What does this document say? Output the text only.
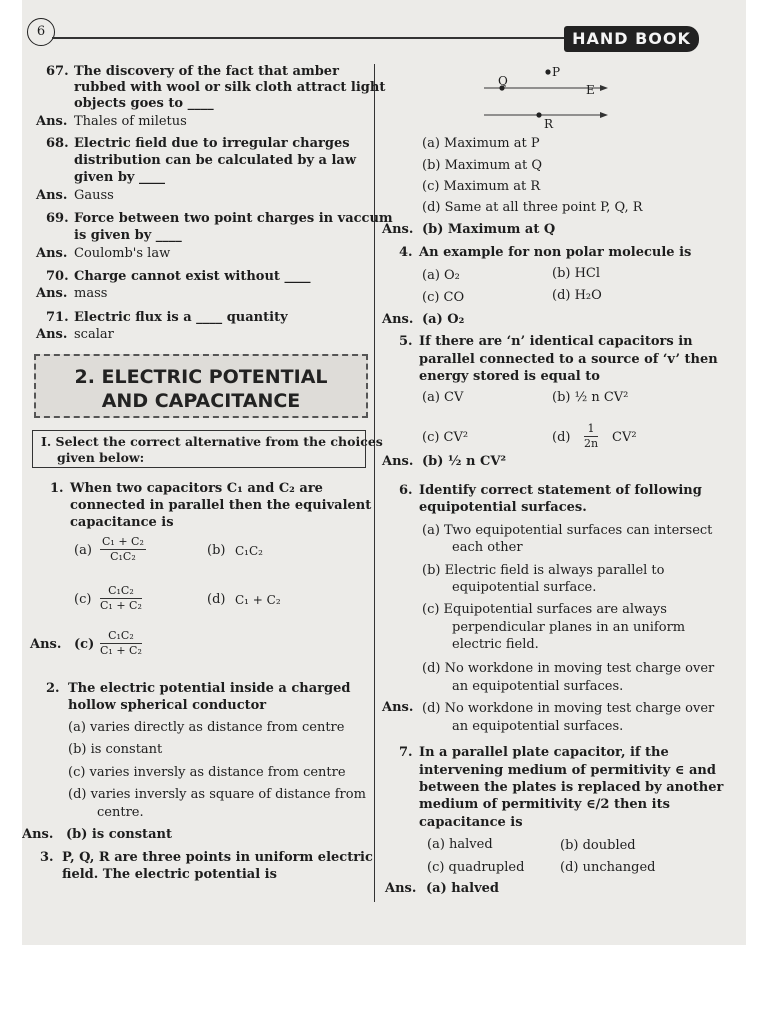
6	HAND BOOK
67. The discovery of the fact that amber
rubbed with wool or silk cloth attract light
objects goes to ____
Ans. Thales of miletus
68. Electric field due to irregular charges
distribution can be calculated by a law
given by ____
Ans. Gauss
69. Force between two point charges in vaccum
is given by ____
Ans. Coulomb's law
70. Charge cannot exist without ____
Ans. mass
71. Electric flux is a ____ quantity
Ans. scalar
2. ELECTRIC POTENTIAL
AND CAPACITANCE
I. Select the correct alternative from the choices
given below:
1. When two capacitors C₁ and C₂ are
connected in parallel then the equivalent
capacitance is
$(a) \frac{\text{C₁ + C₂}}{\text{C₁C₂}}$	(b) C₁C₂
$(c) \frac{\text{C₁C₂}}{\text{C₁ + C₂}}$	(d) C₁ + C₂
Ans. $(c) \frac{\text{C₁C₂}}{\text{C₁ + C₂}}$
2. The electric potential inside a charged
hollow spherical conductor
(a) varies directly as distance from centre
(b) is constant
(c) varies inversly as distance from centre
(d) varies inversly as square of distance from
centre.
Ans. (b) is constant
3. P, Q, R are three points in uniform electric
field. The electric potential is
P
Q
E
R
(a) Maximum at P
(b) Maximum at Q
(c) Maximum at R
(d) Same at all three point P, Q, R
Ans. (b) Maximum at Q
4. An example for non polar molecule is
(a) O₂	(b) HCl
(c) CO	(d) H₂O
Ans. (a) O₂
5. If there are ‘n’ identical capacitors in
parallel connected to a source of ‘v’ then
energy stored is equal to
(a) CV	(b) ½ n CV²
(c) CV²	$(d) \frac{1}{2n} CV^2$
Ans. (b) ½ n CV²
6. Identify correct statement of following
equipotential surfaces.
(a) Two equipotential surfaces can intersect
each other
(b) Electric field is always parallel to
equipotential surface.
(c) Equipotential surfaces are always
perpendicular planes in an uniform
electric field.
(d) No workdone in moving test charge over
an equipotential surfaces.
Ans. (d) No workdone in moving test charge over
an equipotential surfaces.
7. In a parallel plate capacitor, if the
intervening medium of permitivity ∈ and
between the plates is replaced by another
medium of permitivity ∈/2 then its
capacitance is
(a) halved	(b) doubled
(c) quadrupled	(d) unchanged
Ans. (a) halved
